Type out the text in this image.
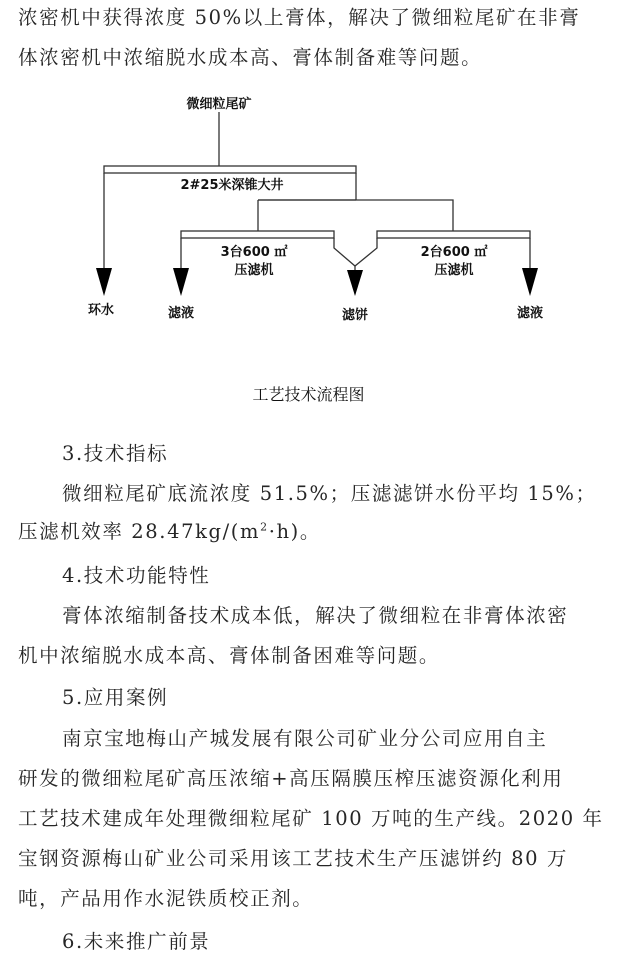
浓密机中获得浓度 50%以上膏体，解决了微细粒尾矿在非膏
体浓密机中浓缩脱水成本高、膏体制备难等问题。
微细粒尾矿
2#25米深锥大井
3台600 ㎡
压滤机
2台600 ㎡
压滤机
环水	滤液	滤饼	滤液
工艺技术流程图
3.技术指标
微细粒尾矿底流浓度 51.5%；压滤滤饼水份平均 15%；
压滤机效率 $28.47kg/(m^2\cdot h)$。
4.技术功能特性
膏体浓缩制备技术成本低，解决了微细粒在非膏体浓密
机中浓缩脱水成本高、膏体制备困难等问题。
5.应用案例
南京宝地梅山产城发展有限公司矿业分公司应用自主
研发的微细粒尾矿高压浓缩+高压隔膜压榨压滤资源化利用
工艺技术建成年处理微细粒尾矿 100 万吨的生产线。2020 年
宝钢资源梅山矿业公司采用该工艺技术生产压滤饼约 80 万
吨，产品用作水泥铁质校正剂。
6.未来推广前景
